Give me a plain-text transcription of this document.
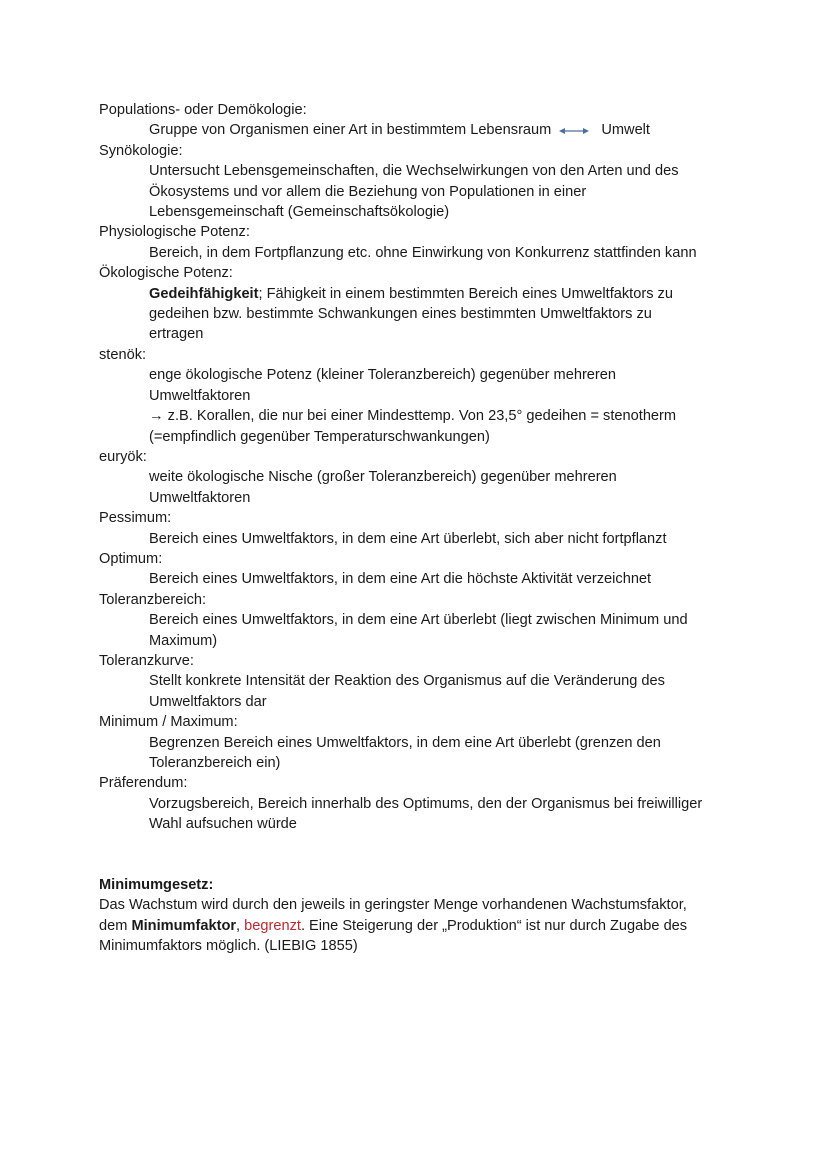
Populations- oder Demökologie:

Gruppe von Organismen einer Art in bestimmtem Lebensraum	Umwelt

Synökologie:

Untersucht Lebensgemeinschaften, die Wechselwirkungen von den Arten und des

Ökosystems und vor allem die Beziehung von Populationen in einer

Lebensgemeinschaft (Gemeinschaftsökologie)

Physiologische Potenz:

Bereich, in dem Fortpflanzung etc. ohne Einwirkung von Konkurrenz stattfinden kann

Ökologische Potenz:

Gedeihfähigkeit; Fähigkeit in einem bestimmten Bereich eines Umweltfaktors zu

gedeihen bzw. bestimmte Schwankungen eines bestimmten Umweltfaktors zu

ertragen

stenök:

enge ökologische Potenz (kleiner Toleranzbereich) gegenüber mehreren

Umweltfaktoren

→ z.B. Korallen, die nur bei einer Mindesttemp. Von 23,5° gedeihen = stenotherm

(=empfindlich gegenüber Temperaturschwankungen)

euryök:

weite ökologische Nische (großer Toleranzbereich) gegenüber mehreren

Umweltfaktoren

Pessimum:

Bereich eines Umweltfaktors, in dem eine Art überlebt, sich aber nicht fortpflanzt

Optimum:

Bereich eines Umweltfaktors, in dem eine Art die höchste Aktivität verzeichnet

Toleranzbereich:

Bereich eines Umweltfaktors, in dem eine Art überlebt (liegt zwischen Minimum und

Maximum)

Toleranzkurve:

Stellt konkrete Intensität der Reaktion des Organismus auf die Veränderung des

Umweltfaktors dar

Minimum / Maximum:

Begrenzen Bereich eines Umweltfaktors, in dem eine Art überlebt (grenzen den

Toleranzbereich ein)

Präferendum:

Vorzugsbereich, Bereich innerhalb des Optimums, den der Organismus bei freiwilliger

Wahl aufsuchen würde

Minimumgesetz:

Das Wachstum wird durch den jeweils in geringster Menge vorhandenen Wachstumsfaktor,

dem Minimumfaktor, begrenzt. Eine Steigerung der „Produktion“ ist nur durch Zugabe des

Minimumfaktors möglich. (LIEBIG 1855)
